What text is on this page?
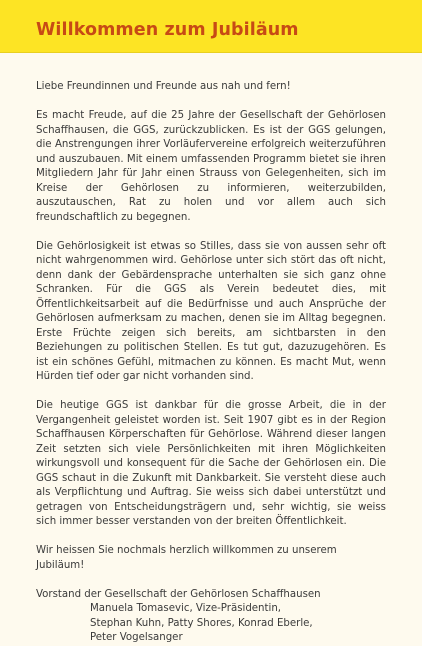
Willkommen zum Jubiläum

Liebe Freundinnen und Freunde aus nah und fern!

Es macht Freude, auf die 25 Jahre der Gesellschaft der Gehörlosen Schaffhausen, die GGS, zurückzublicken. Es ist der GGS gelungen, die Anstrengungen ihrer Vorläufervereine erfolgreich weiterzuführen und auszubauen. Mit einem umfassenden Programm bietet sie ihren Mitgliedern Jahr für Jahr einen Strauss von Gelegenheiten, sich im Kreise der Gehörlosen zu informieren, weiterzubilden, auszutauschen, Rat zu holen und vor allem auch sich freundschaftlich zu begegnen.

Die Gehörlosigkeit ist etwas so Stilles, dass sie von aussen sehr oft nicht wahrgenommen wird. Gehörlose unter sich stört das oft nicht, denn dank der Gebärdensprache unterhalten sie sich ganz ohne Schranken. Für die GGS als Verein bedeutet dies, mit Öffentlichkeitsarbeit auf die Bedürfnisse und auch Ansprüche der Gehörlosen aufmerksam zu machen, denen sie im Alltag begegnen. Erste Früchte zeigen sich bereits, am sichtbarsten in den Beziehungen zu politischen Stellen. Es tut gut, dazuzugehören. Es ist ein schönes Gefühl, mitmachen zu können. Es macht Mut, wenn Hürden tief oder gar nicht vorhanden sind.

Die heutige GGS ist dankbar für die grosse Arbeit, die in der Vergangenheit geleistet worden ist. Seit 1907 gibt es in der Region Schaffhausen Körperschaften für Gehörlose. Während dieser langen Zeit setzten sich viele Persönlichkeiten mit ihren Möglichkeiten wirkungsvoll und konsequent für die Sache der Gehörlosen ein. Die GGS schaut in die Zukunft mit Dankbarkeit. Sie versteht diese auch als Verpflichtung und Auftrag. Sie weiss sich dabei unterstützt und getragen von Entscheidungsträgern und, sehr wichtig, sie weiss sich immer besser verstanden von der breiten Öffentlichkeit.

Wir heissen Sie nochmals herzlich willkommen zu unserem Jubiläum!

Vorstand der Gesellschaft der Gehörlosen Schaffhausen
Manuela Tomasevic, Vize-Präsidentin,
Stephan Kuhn, Patty Shores, Konrad Eberle,
Peter Vogelsanger
